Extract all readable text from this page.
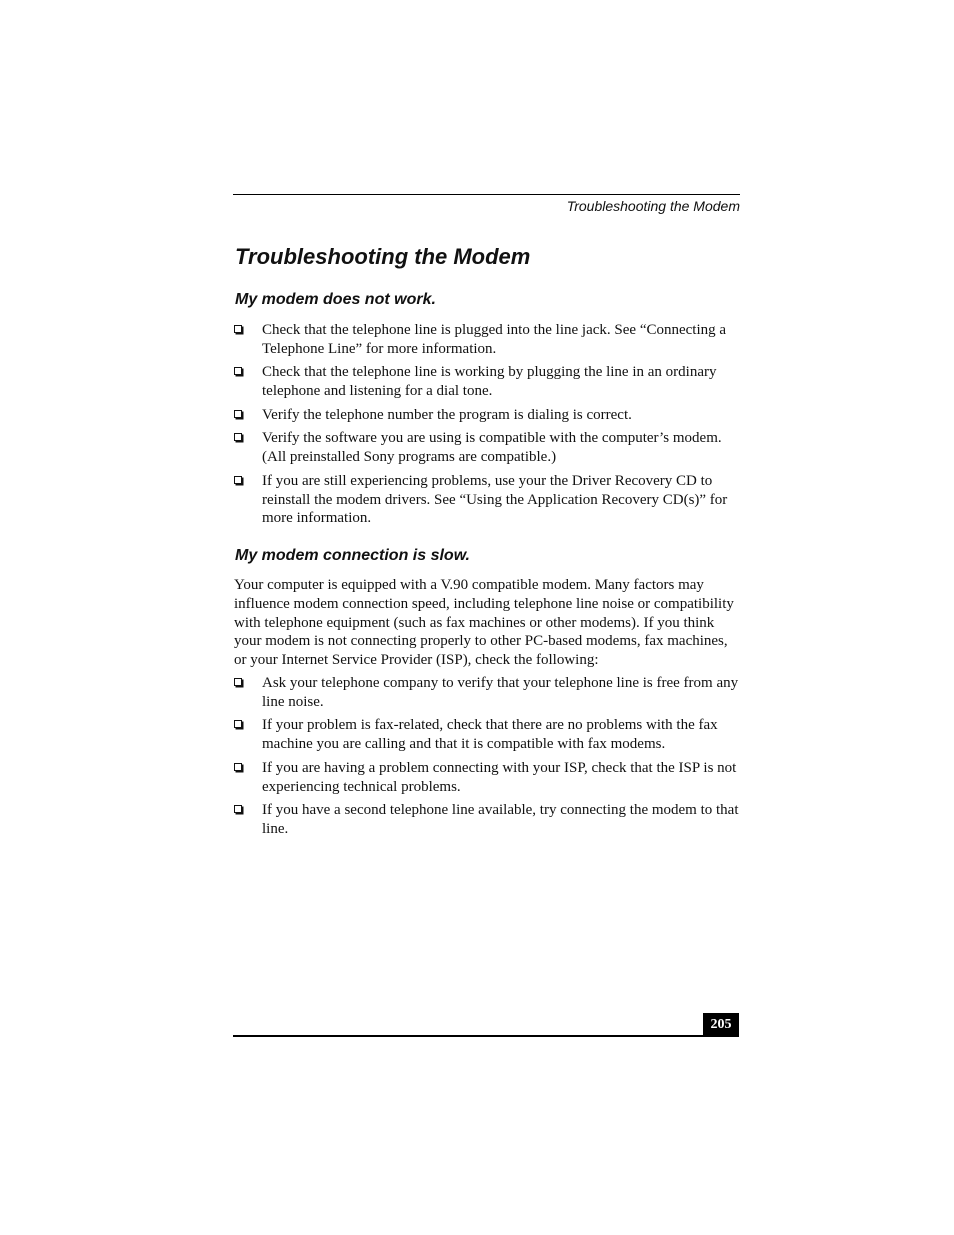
Troubleshooting the Modem
Troubleshooting the Modem
My modem does not work.
Check that the telephone line is plugged into the line jack. See “Connecting a Telephone Line” for more information.
Check that the telephone line is working by plugging the line in an ordinary telephone and listening for a dial tone.
Verify the telephone number the program is dialing is correct.
Verify the software you are using is compatible with the computer’s modem. (All preinstalled Sony programs are compatible.)
If you are still experiencing problems, use your the Driver Recovery CD to reinstall the modem drivers. See “Using the Application Recovery CD(s)” for more information.
My modem connection is slow.

Your computer is equipped with a V.90 compatible modem. Many factors may influence modem connection speed, including telephone line noise or compatibility with telephone equipment (such as fax machines or other modems). If you think your modem is not connecting properly to other PC-based modems, fax machines, or your Internet Service Provider (ISP), check the following:

Ask your telephone company to verify that your telephone line is free from any line noise.
If your problem is fax-related, check that there are no problems with the fax machine you are calling and that it is compatible with fax modems.
If you are having a problem connecting with your ISP, check that the ISP is not experiencing technical problems.
If you have a second telephone line available, try connecting the modem to that line.
205
